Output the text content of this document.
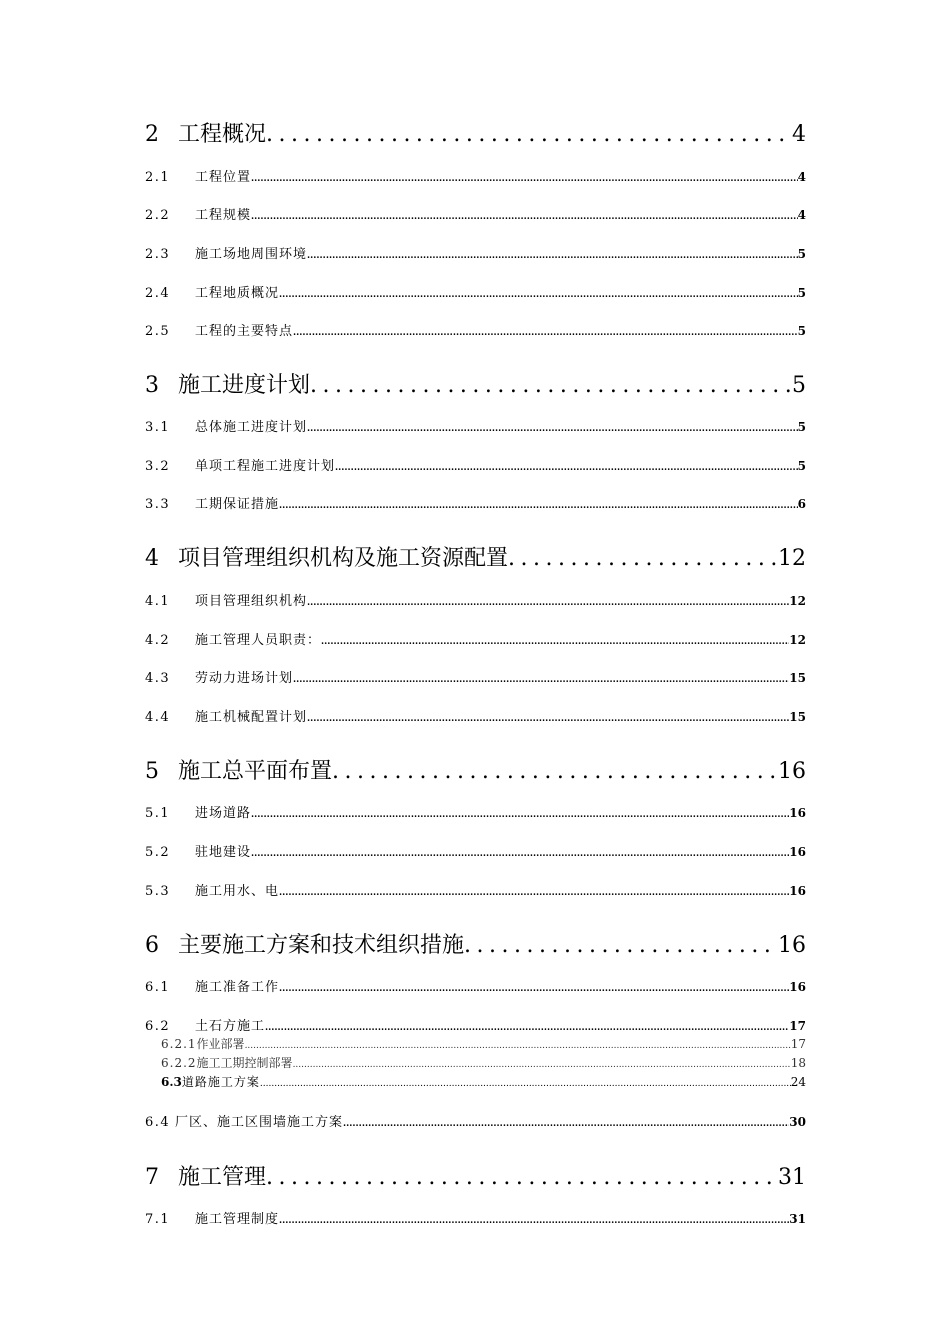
2 工程概况 .....	4
2.1	工程位置 .....	4
2.2	工程规模 .....	4
2.3	施工场地周围环境 .....	5
2.4	工程地质概况 .....	5
2.5	工程的主要特点 .....	5
3 施工进度计划 .....	5
3.1	总体施工进度计划 .....	5
3.2	单项工程施工进度计划 .....	5
3.3	工期保证措施 .....	6
4 项目管理组织机构及施工资源配置 .....	12
4.1	项目管理组织机构 .....	12
4.2	施工管理人员职责： .....	12
4.3	劳动力进场计划 .....	15
4.4	施工机械配置计划 .....	15
5 施工总平面布置 .....	16
5.1	进场道路 .....	16
5.2	驻地建设 .....	16
5.3	施工用水、电 .....	16
6 主要施工方案和技术组织措施 .....	16
6.1	施工准备工作 .....	16
6.2	土石方施工 .....	17
6.2.1 作业部署 .....	17
6.2.2 施工工期控制部署 .....	18
6.3 道路施工方案 .....	24
6.4 厂区、施工区围墙施工方案 .....	30
7 施工管理 .....	31
7.1	施工管理制度 .....	31
